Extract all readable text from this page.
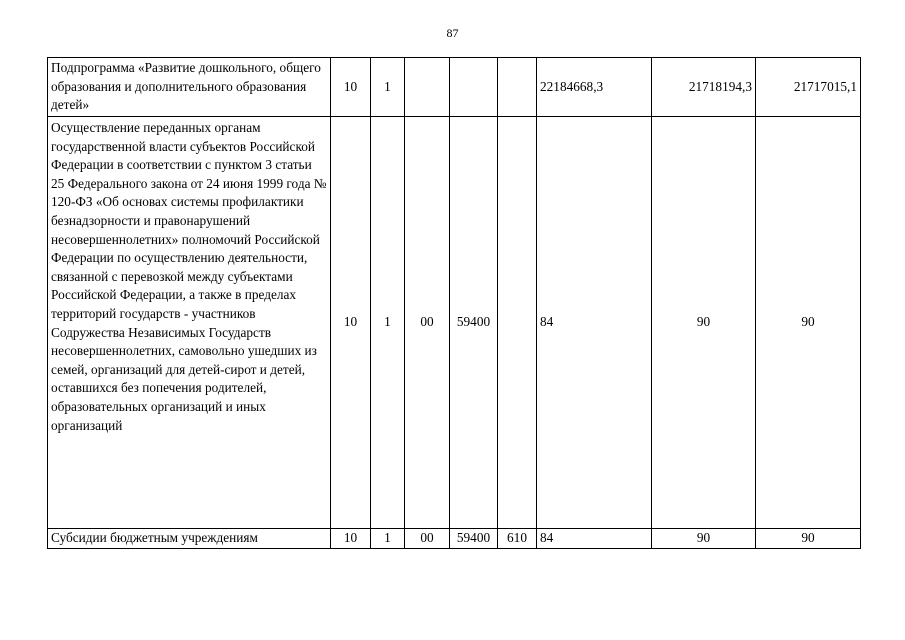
87
Подпрограмма «Развитие дошкольного, общего образования и дополнительного образования детей»	10	1				22184668,3	21718194,3	21717015,1
Осуществление переданных органам государственной власти субъектов Российской Федерации в соответствии с пунктом 3 статьи 25 Федерального закона от 24 июня 1999 года № 120-ФЗ «Об основах системы профилактики безнадзорности и правонарушений несовершеннолетних» полномочий Российской Федерации по осуществлению деятельности, связанной с перевозкой между субъектами Российской Федерации, а также в пределах территорий государств - участников Содружества Независимых Государств несовершеннолетних, самовольно ушедших из семей, организаций для детей-сирот и детей, оставшихся без попечения родителей, образовательных организаций и иных организаций	10	1	00	59400		84	90	90
Субсидии бюджетным учреждениям	10	1	00	59400	610	84	90	90
